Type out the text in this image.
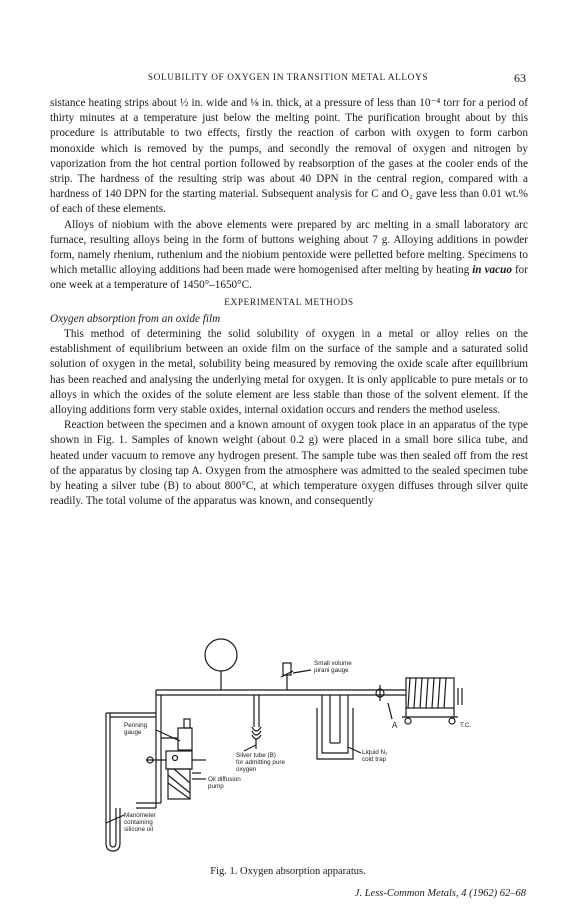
SOLUBILITY OF OXYGEN IN TRANSITION METAL ALLOYS	63

sistance heating strips about ½ in. wide and ⅛ in. thick, at a pressure of less than 10⁻⁴ torr for a period of thirty minutes at a temperature just below the melting point. The purification brought about by this procedure is attributable to two effects, firstly the reaction of carbon with oxygen to form carbon monoxide which is removed by the pumps, and secondly the removal of oxygen and nitrogen by vaporization from the hot central portion followed by reabsorption of the gases at the cooler ends of the strip. The hardness of the resulting strip was about 40 DPN in the central region, compared with a hardness of 140 DPN for the starting material. Subsequent analysis for C and O₂ gave less than 0.01 wt.% of each of these elements.

Alloys of niobium with the above elements were prepared by arc melting in a small laboratory arc furnace, resulting alloys being in the form of buttons weighing about 7 g. Alloying additions in powder form, namely rhenium, ruthenium and the niobium pentoxide were pelletted before melting. Specimens to which metallic alloying additions had been made were homogenised after melting by heating in vacuo for one week at a temperature of 1450°–1650°C.

EXPERIMENTAL METHODS

Oxygen absorption from an oxide film

This method of determining the solid solubility of oxygen in a metal or alloy relies on the establishment of equilibrium between an oxide film on the surface of the sample and a saturated solid solution of oxygen in the metal, solubility being measured by removing the oxide scale after equilibrium has been reached and analysing the underlying metal for oxygen. It is only applicable to pure metals or to alloys in which the oxides of the solute element are less stable than those of the solvent element. If the alloying additions form very stable oxides, internal oxidation occurs and renders the method useless.

Reaction between the specimen and a known amount of oxygen took place in an apparatus of the type shown in Fig. 1. Samples of known weight (about 0.2 g) were placed in a small bore silica tube, and heated under vacuum to remove any hydrogen present. The sample tube was then sealed off from the rest of the apparatus by closing tap A. Oxygen from the atmosphere was admitted to the sealed specimen tube by heating a silver tube (B) to about 800°C, at which temperature oxygen diffuses through silver quite readily. The total volume of the apparatus was known, and consequently

Small volume
pirani gauge
A	T.C.
Penning
gauge
Silver tube (B)
for admitting pure
oxygen
Liquid N₂
cold trap
Oil diffusion
pump
Manometer
containing
silicone oil
Fig. 1. Oxygen absorption apparatus.
J. Less-Common Metals, 4 (1962) 62–68
